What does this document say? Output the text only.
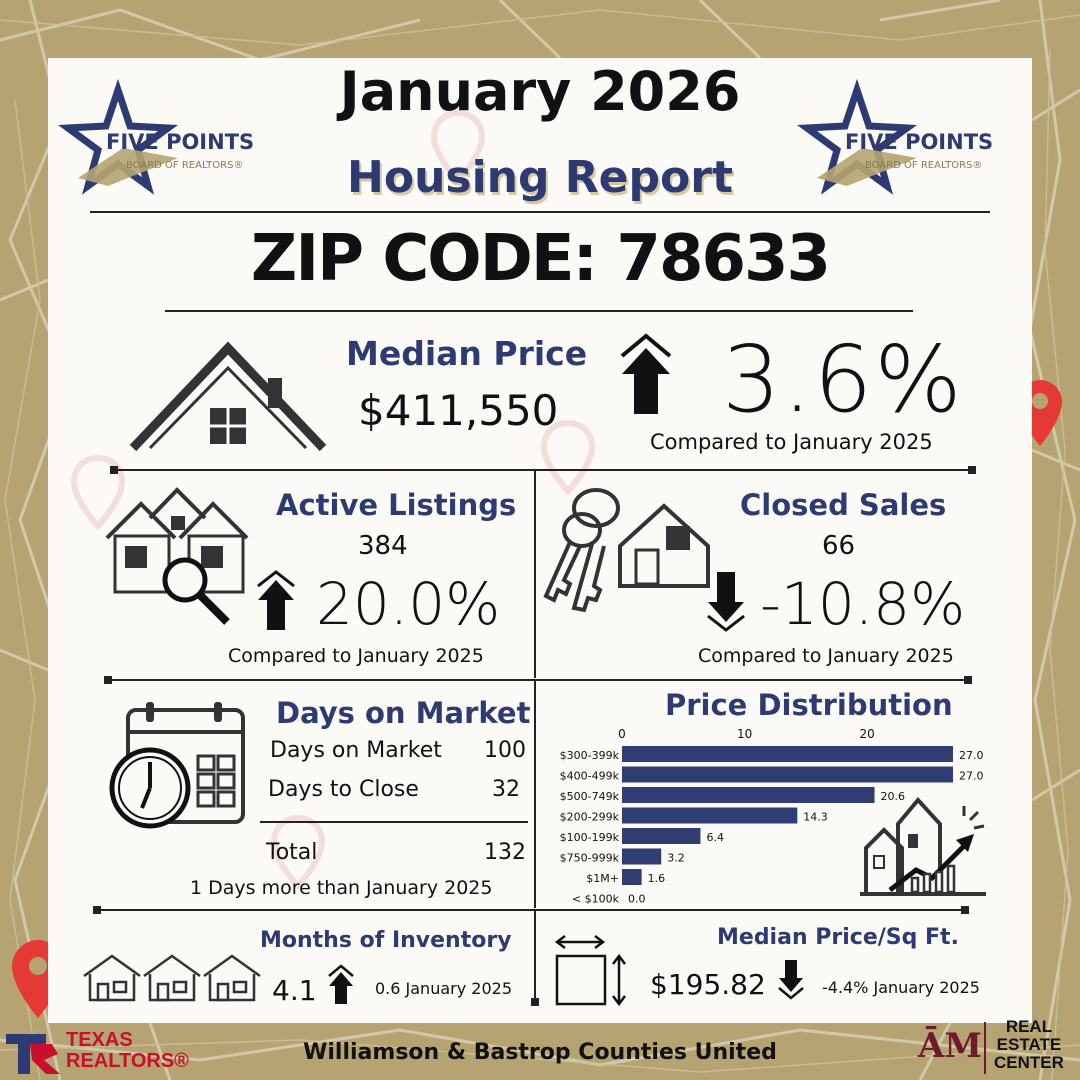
FIVE POINTS
BOARD OF REALTORS®
FIVE POINTS
BOARD OF REALTORS®
January 2026
Housing Report
ZIP CODE: 78633
Median Price
$411,550 3.6%
Compared to January 2025
Active Listings
384
20.0%
Compared to January 2025
Closed Sales
66
-10.8%
Compared to January 2025
Days on Market
Days on Market 100
Days to Close	32
Total	132
1 Days more than January 2025
Price Distribution
0	10	20
$300-399k	27.0
$400-499k	27.0
$500-749k	20.6
$200-299k	14.3
$100-199k	6.4
$750-999k	3.2
$1M+	1.6
< $100k 0.0
Months of Inventory
4.1	0.6 January 2025
Median Price/Sq Ft.
$195.82	-4.4% January 2025
Williamson & Bastrop Counties United
TEXAS
REALTORS®	ĀM	REAL
ESTATE
CENTER
